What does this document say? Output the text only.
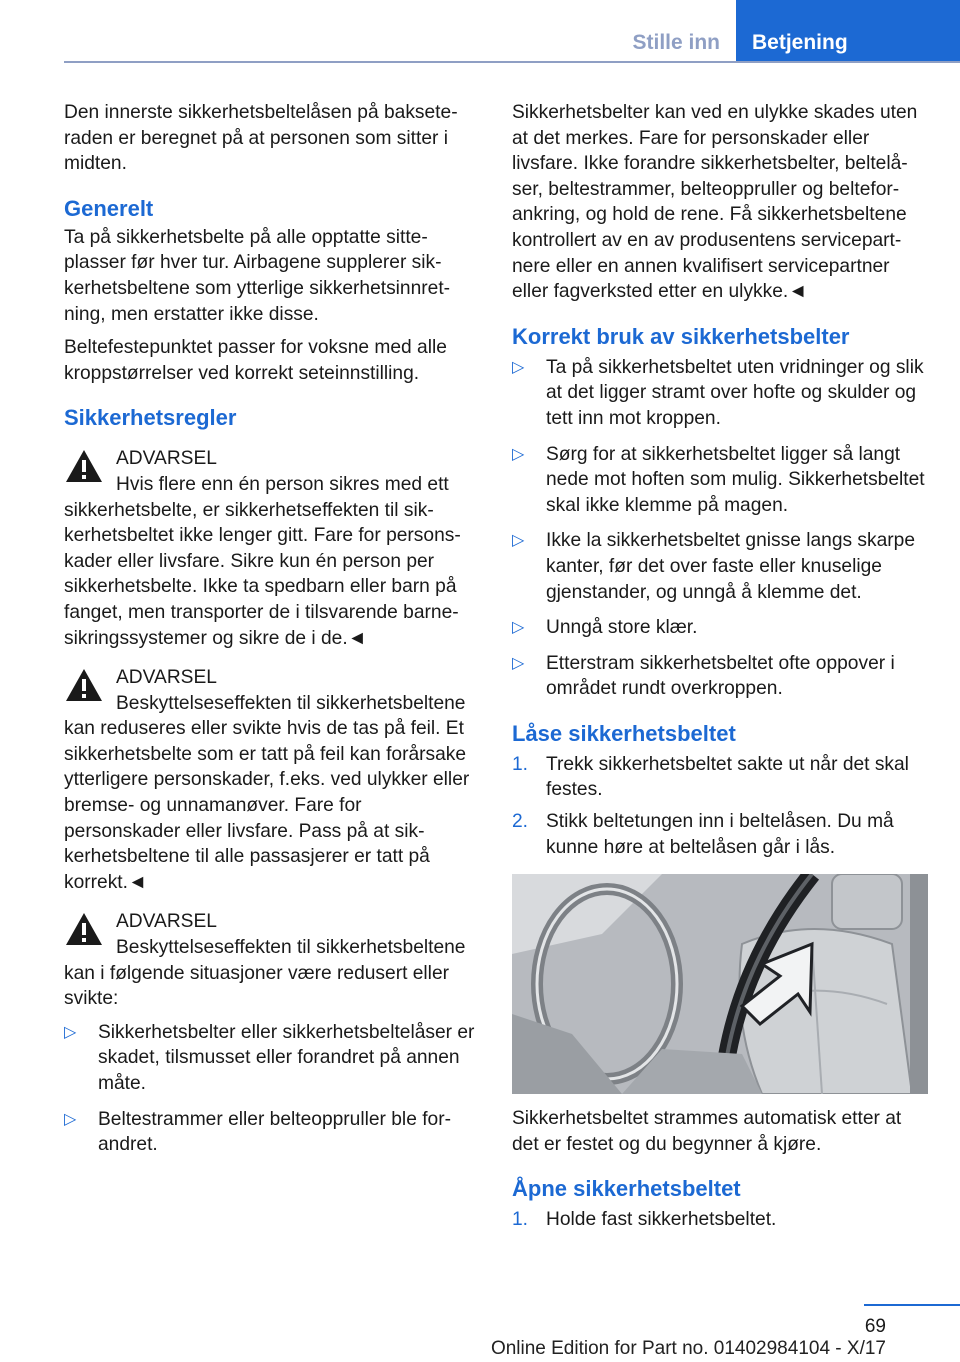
Stille inn	Betjening

Den innerste sikkerhetsbeltelåsen på bakseteraden er beregnet på at personen som sitter i midten.

Generelt

Ta på sikkerhetsbelte på alle opptatte sitteplasser før hver tur. Airbagene supplerer sikkerhetsbeltene som ytterlige sikkerhetsinnretning, men erstatter ikke disse.

Beltefestepunktet passer for voksne med alle kroppstørrelser ved korrekt seteinnstilling.

Sikkerhetsregler
ADVARSEL
Hvis flere enn én person sikres med ett sikkerhetsbelte, er sikkerhetseffekten til sikkerhetsbeltet ikke lenger gitt. Fare for personskader eller livsfare. Sikre kun én person per sikkerhetsbelte. Ikke ta spedbarn eller barn på fanget, men transporter de i tilsvarende barnesikringssystemer og sikre de i de.◄
ADVARSEL
Beskyttelseseffekten til sikkerhetsbeltene kan reduseres eller svikte hvis de tas på feil. Et sikkerhetsbelte som er tatt på feil kan forårsake ytterligere personskader, f.eks. ved ulykker eller bremse- og unnamanøver. Fare for personskader eller livsfare. Pass på at sikkerhetsbeltene til alle passasjerer er tatt på korrekt.◄
ADVARSEL
Beskyttelseseffekten til sikkerhetsbeltene kan i følgende situasjoner være redusert eller svikte:
▷ Sikkerhetsbelter eller sikkerhetsbeltelåser er skadet, tilsmusset eller forandret på annen måte.
▷ Beltestrammer eller belteoppruller ble forandret.

Sikkerhetsbelter kan ved en ulykke skades uten at det merkes. Fare for personskader eller livsfare. Ikke forandre sikkerhetsbelter, beltelåser, beltestrammer, belteoppruller og belteforankring, og hold de rene. Få sikkerhetsbeltene kontrollert av en av produsentens servicepartnere eller en annen kvalifisert servicepartner eller fagverksted etter en ulykke.◄

Korrekt bruk av sikkerhetsbelter
▷ Ta på sikkerhetsbeltet uten vridninger og slik at det ligger stramt over hofte og skulder og tett inn mot kroppen.
▷ Sørg for at sikkerhetsbeltet ligger så langt nede mot hoften som mulig. Sikkerhetsbeltet skal ikke klemme på magen.
▷ Ikke la sikkerhetsbeltet gnisse langs skarpe kanter, før det over faste eller knuselige gjenstander, og unngå å klemme det.
▷ Unngå store klær.
▷ Etterstram sikkerhetsbeltet ofte oppover i området rundt overkroppen.
Låse sikkerhetsbeltet
1. Trekk sikkerhetsbeltet sakte ut når det skal festes.
2. Stikk beltetungen inn i beltelåsen. Du må kunne høre at beltelåsen går i lås.

Sikkerhetsbeltet strammes automatisk etter at det er festet og du begynner å kjøre.

Åpne sikkerhetsbeltet
1. Holde fast sikkerhetsbeltet.
69
Online Edition for Part no. 01402984104 - X/17
